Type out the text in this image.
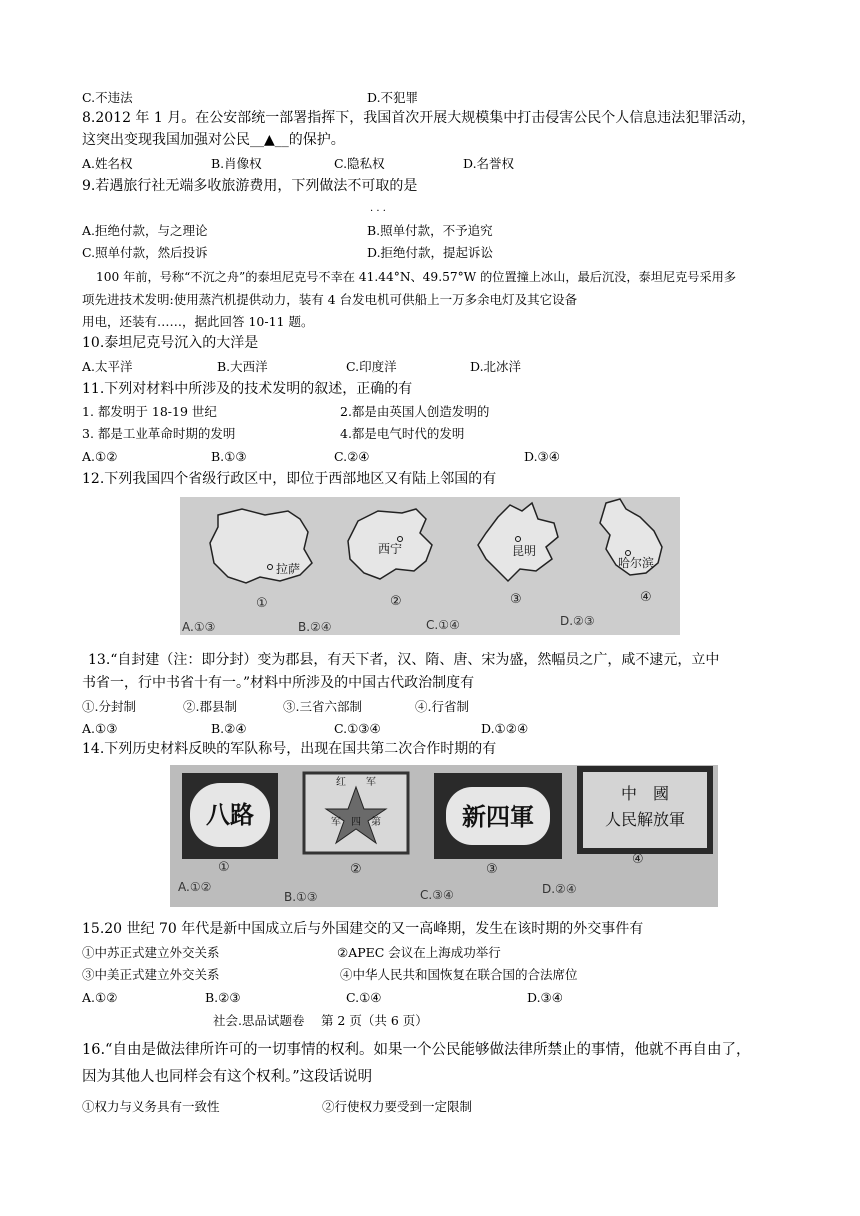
C.不违法	D.不犯罪
8.2012 年 1 月。在公安部统一部署指挥下，我国首次开展大规模集中打击侵害公民个人信息违法犯罪活动，
这突出变现我国加强对公民__▲__的保护。
A.姓名权	B.肖像权	C.隐私权	D.名誉权
9.若遇旅行社无端多收旅游费用，下列做法不可取的是
· · ·
A.拒绝付款，与之理论	B.照单付款，不予追究
C.照单付款，然后投诉	D.拒绝付款，提起诉讼
100 年前，号称“不沉之舟”的泰坦尼克号不幸在 41.44°N、49.57°W 的位置撞上冰山，最后沉没，泰坦尼克号采用多
项先进技术发明:使用蒸汽机提供动力，装有 4 台发电机可供船上一万多余电灯及其它设备
用电，还装有……，据此回答 10-11 题。
10.泰坦尼克号沉入的大洋是
A.太平洋	B.大西洋	C.印度洋	D.北冰洋
11.下列对材料中所涉及的技术发明的叙述，正确的有
1. 都发明于 18-19 世纪	2.都是由英国人创造发明的
3. 都是工业革命时期的发明	4.都是电气时代的发明
A.①②	B.①③	C.②④	D.③④
12.下列我国四个省级行政区中，即位于西部地区又有陆上邻国的有
拉萨
西宁	昆明
哈尔滨
①	②	③	④
A.①③	B.②④	C.①④	D.②③
13.“自封建（注：即分封）变为郡县，有天下者，汉、隋、唐、宋为盛，然幅员之广，咸不逮元，立中
书省一，行中书省十有一。”材料中所涉及的中国古代政治制度有
①.分封制	②.郡县制	③.三省六部制	④.行省制
A.①③	B.②④	C.①③④	D.①②④
14.下列历史材料反映的军队称号，出现在国共第二次合作时期的有
八路
红　　军
军　四　第	新四軍
中　國
人民解放軍
①	②	③
④
A.①②
B.①③	C.③④	D.②④
15.20 世纪 70 年代是新中国成立后与外国建交的又一高峰期，发生在该时期的外交事件有
①中苏正式建立外交关系	②APEC 会议在上海成功举行
③中美正式建立外交关系	④中华人民共和国恢复在联合国的合法席位
A.①②	B.②③	C.①④	D.③④
社会.思品试题卷　 第 2 页（共 6 页）
16.“自由是做法律所许可的一切事情的权利。如果一个公民能够做法律所禁止的事情，他就不再自由了，
因为其他人也同样会有这个权利。”这段话说明
①权力与义务具有一致性	②行使权力要受到一定限制
